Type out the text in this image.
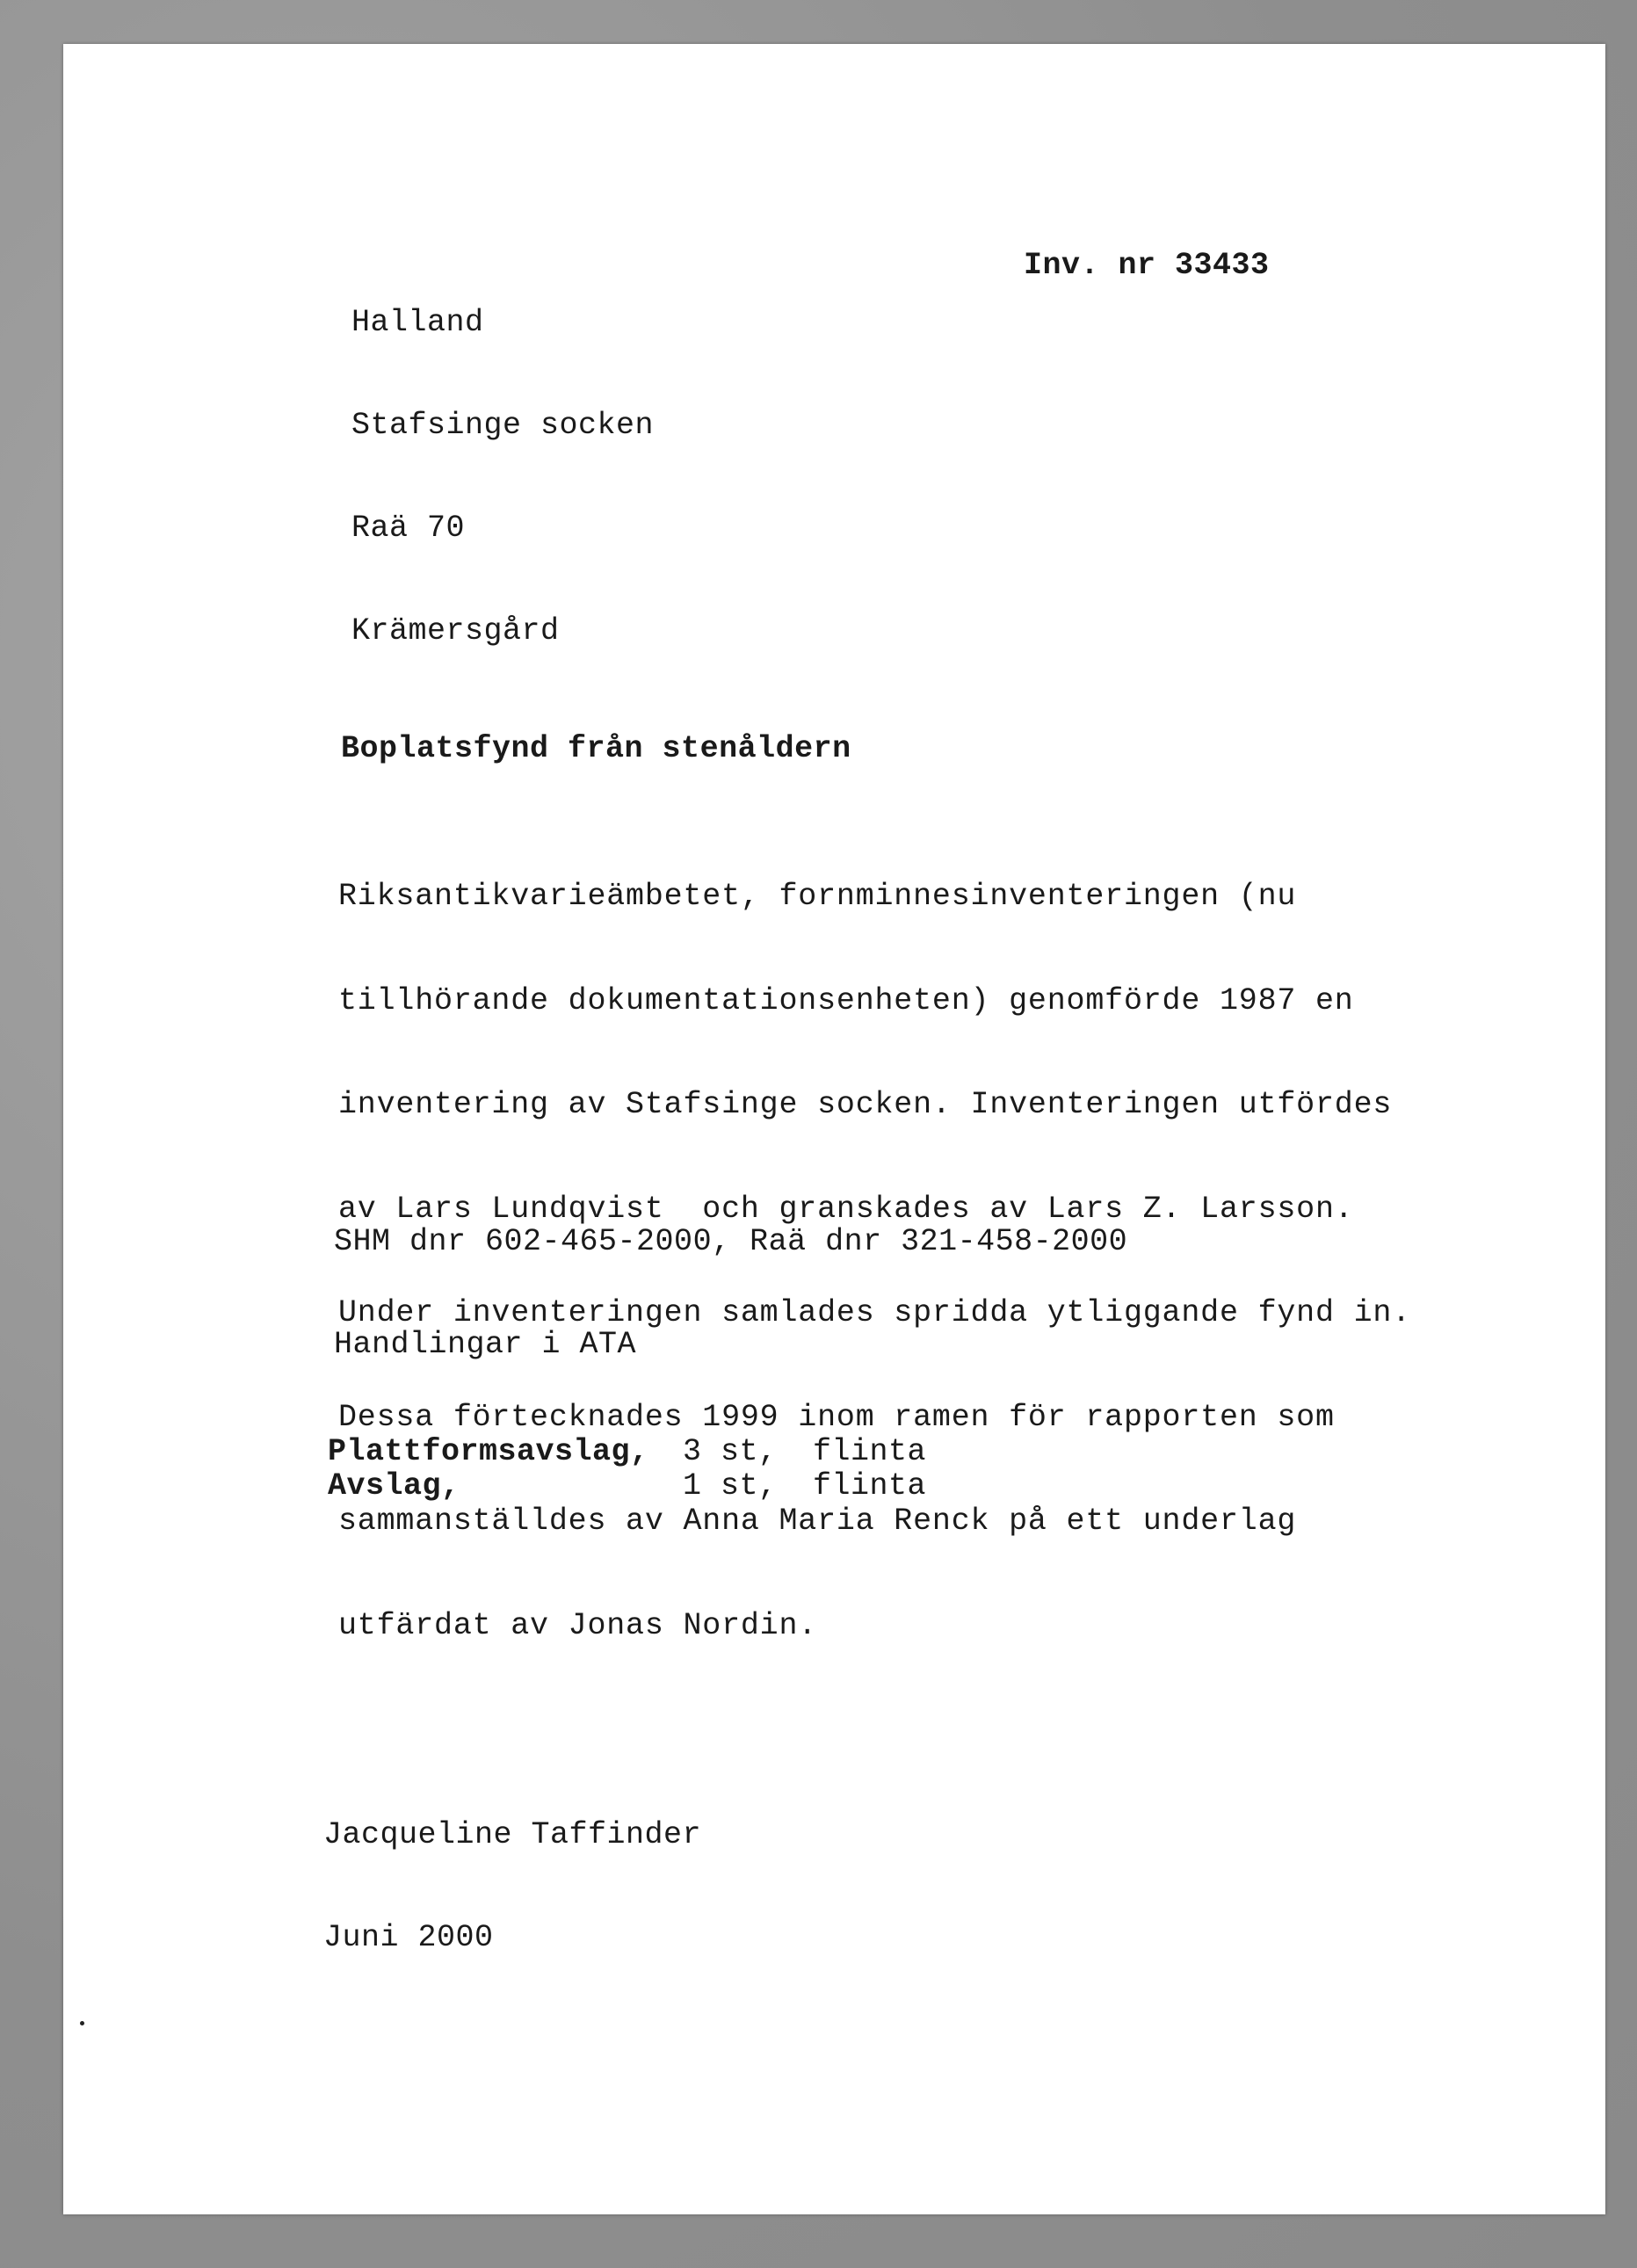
Halland

Stafsinge socken

Raä 70

Krämersgård

Inv. nr 33433
Boplatsfynd från stenåldern

Riksantikvarieämbetet, fornminnesinventeringen (nu

tillhörande dokumentationsenheten) genomförde 1987 en

inventering av Stafsinge socken. Inventeringen utfördes

av Lars Lundqvist  och granskades av Lars Z. Larsson.

Under inventeringen samlades spridda ytliggande fynd in.

Dessa förtecknades 1999 inom ramen för rapporten som

sammanställdes av Anna Maria Renck på ett underlag

utfärdat av Jonas Nordin.

SHM dnr 602-465-2000, Raä dnr 321-458-2000

Handlingar i ATA

Plattformsavslag,	3 st,	flinta
Avslag,	1 st,	flinta

Jacqueline Taffinder

Juni 2000
